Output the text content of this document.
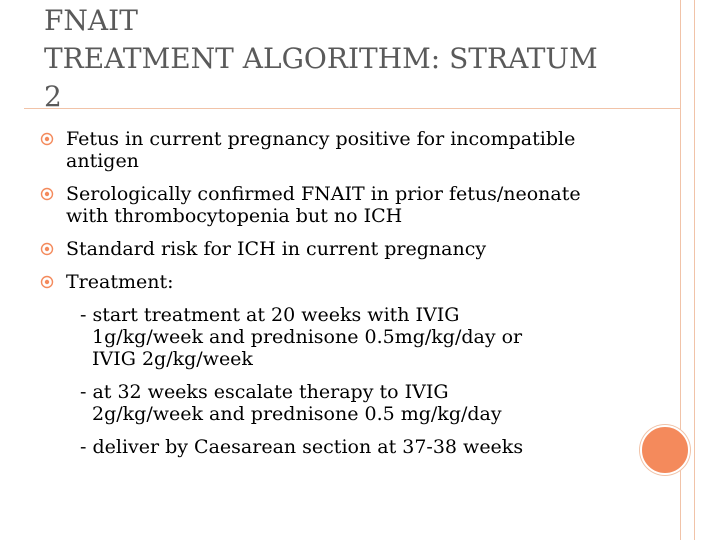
FNAIT
TREATMENT ALGORITHM: STRATUM
2
Fetus in current pregnancy positive for incompatible
antigen
Serologically confirmed FNAIT in prior fetus/neonate
with thrombocytopenia but no ICH
Standard risk for ICH in current pregnancy
Treatment:
- start treatment at 20 weeks with IVIG
1g/kg/week and prednisone 0.5mg/kg/day or
IVIG 2g/kg/week
- at 32 weeks escalate therapy to IVIG
2g/kg/week and prednisone 0.5 mg/kg/day
- deliver by Caesarean section at 37-38 weeks
